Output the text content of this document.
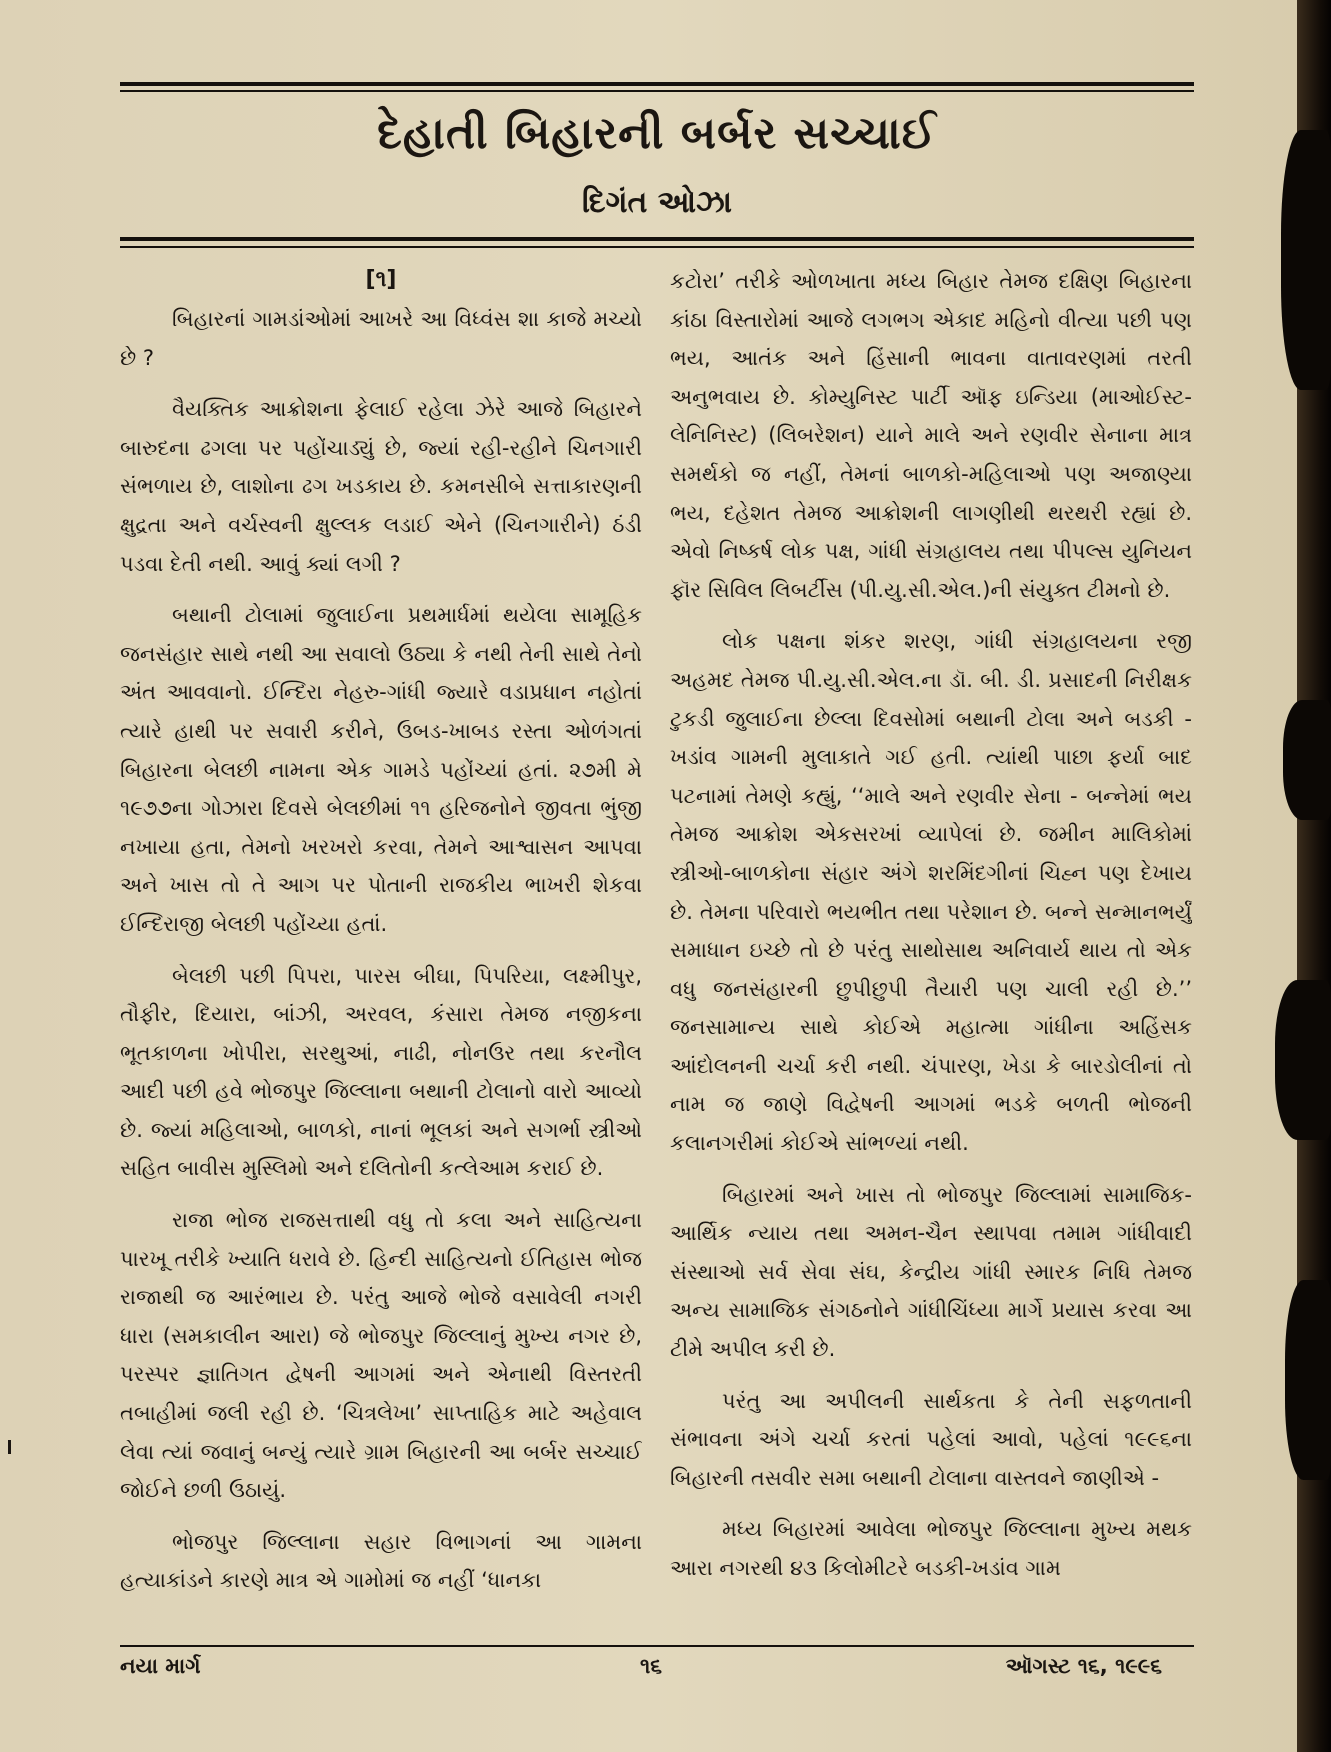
દેહાતી બિહારની બર્બર સચ્ચાઈ
દિગંત ઓઝા
[૧]

બિહારનાં ગામડાંઓમાં આખરે આ વિધ્વંસ શા કાજે મચ્યો છે ?

વૈયક્તિક આક્રોશના ફેલાઈ રહેલા ઝેરે આજે બિહારને બારુદના ઢગલા પર પહોંચાડ્યું છે, જ્યાં રહી-રહીને ચિનગારી સંભળાય છે, લાશોના ઢગ ખડકાય છે. કમનસીબે સત્તાકારણની ક્ષુદ્રતા અને વર્ચસ્વની ક્ષુલ્લક લડાઈ એને (ચિનગારીને) ઠંડી પડવા દેતી નથી. આવું ક્યાં લગી ?

બથાની ટોલામાં જુલાઈના પ્રથમાર્ધમાં થયેલા સામૂહિક જનસંહાર સાથે નથી આ સવાલો ઉઠ્યા કે નથી તેની સાથે તેનો અંત આવવાનો. ઈન્દિરા નેહરુ-ગાંધી જ્યારે વડાપ્રધાન નહોતાં ત્યારે હાથી પર સવારી કરીને, ઉબડ-ખાબડ રસ્તા ઓળંગતાં બિહારના બેલછી નામના એક ગામડે પહોંચ્યાં હતાં. ૨૭મી મે ૧૯૭૭ના ગોઝારા દિવસે બેલછીમાં ૧૧ હરિજનોને જીવતા ભુંજી નખાયા હતા, તેમનો ખરખરો કરવા, તેમને આશ્વાસન આપવા અને ખાસ તો તે આગ પર પોતાની રાજકીય ભાખરી શેકવા ઈન્દિરાજી બેલછી પહોંચ્યા હતાં.

બેલછી પછી પિપરા, પારસ બીઘા, પિપરિયા, લક્ષ્મીપુર, તૌફીર, દિયારા, બાંઝી, અરવલ, કંસારા તેમજ નજીકના ભૂતકાળના ખોપીરા, સરથુઆં, નાઢી, નોનઉર તથા કરનૌલ આદી પછી હવે ભોજપુર જિલ્લાના બથાની ટોલાનો વારો આવ્યો છે. જ્યાં મહિલાઓ, બાળકો, નાનાં ભૂલકાં અને સગર્ભા સ્ત્રીઓ સહિત બાવીસ મુસ્લિમો અને દલિતોની કત્લેઆમ કરાઈ છે.

રાજા ભોજ રાજસત્તાથી વધુ તો કલા અને સાહિત્યના પારખૂ તરીકે ખ્યાતિ ધરાવે છે. હિન્દી સાહિત્યનો ઈતિહાસ ભોજ રાજાથી જ આરંભાય છે. પરંતુ આજે ભોજે વસાવેલી નગરી ધારા (સમકાલીન આરા) જે ભોજપુર જિલ્લાનું મુખ્ય નગર છે, પરસ્પર જ્ઞાતિગત દ્વેષની આગમાં અને એનાથી વિસ્તરતી તબાહીમાં જલી રહી છે. ‘ચિત્રલેખા’ સાપ્તાહિક માટે અહેવાલ લેવા ત્યાં જવાનું બન્યું ત્યારે ગ્રામ બિહારની આ બર્બર સચ્ચાઈ જોઈને છળી ઉઠાયું.

ભોજપુર જિલ્લાના સહાર વિભાગનાં આ ગામના હત્યાકાંડને કારણે માત્ર એ ગામોમાં જ નહીં ‘ધાનકા

કટોરા’ તરીકે ઓળખાતા મધ્ય બિહાર તેમજ દક્ષિણ બિહારના કાંઠા વિસ્તારોમાં આજે લગભગ એકાદ મહિનો વીત્યા પછી પણ ભય, આતંક અને હિંસાની ભાવના વાતાવરણમાં તરતી અનુભવાય છે. કોમ્યુનિસ્ટ પાર્ટી ઑફ ઇન્ડિયા (માઓઈસ્ટ-લેનિનિસ્ટ) (લિબરેશન) યાને માલે અને રણવીર સેનાના માત્ર સમર્થકો જ નહીં, તેમનાં બાળકો-મહિલાઓ પણ અજાણ્યા ભય, દહેશત તેમજ આક્રોશની લાગણીથી થરથરી રહ્યાં છે. એવો નિષ્કર્ષ લોક પક્ષ, ગાંધી સંગ્રહાલય તથા પીપલ્સ યુનિયન ફૉર સિવિલ લિબર્ટીસ (પી.યુ.સી.એલ.)ની સંયુક્ત ટીમનો છે.

લોક પક્ષના શંકર શરણ, ગાંધી સંગ્રહાલયના રજી અહમદ તેમજ પી.યુ.સી.એલ.ના ડૉ. બી. ડી. પ્રસાદની નિરીક્ષક ટુકડી જુલાઈના છેલ્લા દિવસોમાં બથાની ટોલા અને બડકી - ખડાંવ ગામની મુલાકાતે ગઈ હતી. ત્યાંથી પાછા ફર્યા બાદ પટનામાં તેમણે કહ્યું, ‘‘માલે અને રણવીર સેના - બન્નેમાં ભય તેમજ આક્રોશ એકસરખાં વ્યાપેલાં છે. જમીન માલિકોમાં સ્ત્રીઓ-બાળકોના સંહાર અંગે શરમિંદગીનાં ચિહ્ન પણ દેખાય છે. તેમના પરિવારો ભયભીત તથા પરેશાન છે. બન્ને સન્માનભર્યું સમાધાન ઇચ્છે તો છે પરંતુ સાથોસાથ અનિવાર્ય થાય તો એક વધુ જનસંહારની છુપીછુપી તૈયારી પણ ચાલી રહી છે.’’ જનસામાન્ય સાથે કોઈએ મહાત્મા ગાંધીના અહિંસક આંદોલનની ચર્ચા કરી નથી. ચંપારણ, ખેડા કે બારડોલીનાં તો નામ જ જાણે વિદ્વેષની આગમાં ભડકે બળતી ભોજની કલાનગરીમાં કોઈએ સાંભળ્યાં નથી.

બિહારમાં અને ખાસ તો ભોજપુર જિલ્લામાં સામાજિક-આર્થિક ન્યાય તથા અમન-ચૈન સ્થાપવા તમામ ગાંધીવાદી સંસ્થાઓ સર્વ સેવા સંઘ, કેન્દ્રીય ગાંધી સ્મારક નિધિ તેમજ અન્ય સામાજિક સંગઠનોને ગાંધીચિંધ્યા માર્ગે પ્રયાસ કરવા આ ટીમે અપીલ કરી છે.

પરંતુ આ અપીલની સાર્થકતા કે તેની સફળતાની સંભાવના અંગે ચર્ચા કરતાં પહેલાં આવો, પહેલાં ૧૯૯૬ના બિહારની તસવીર સમા બથાની ટોલાના વાસ્તવને જાણીએ -

મધ્ય બિહારમાં આવેલા ભોજપુર જિલ્લાના મુખ્ય મથક આરા નગરથી ૪૩ કિલોમીટરે બડકી-ખડાંવ ગામ

નયા માર્ગ	૧૬	ઑગસ્ટ ૧૬, ૧૯૯૬
